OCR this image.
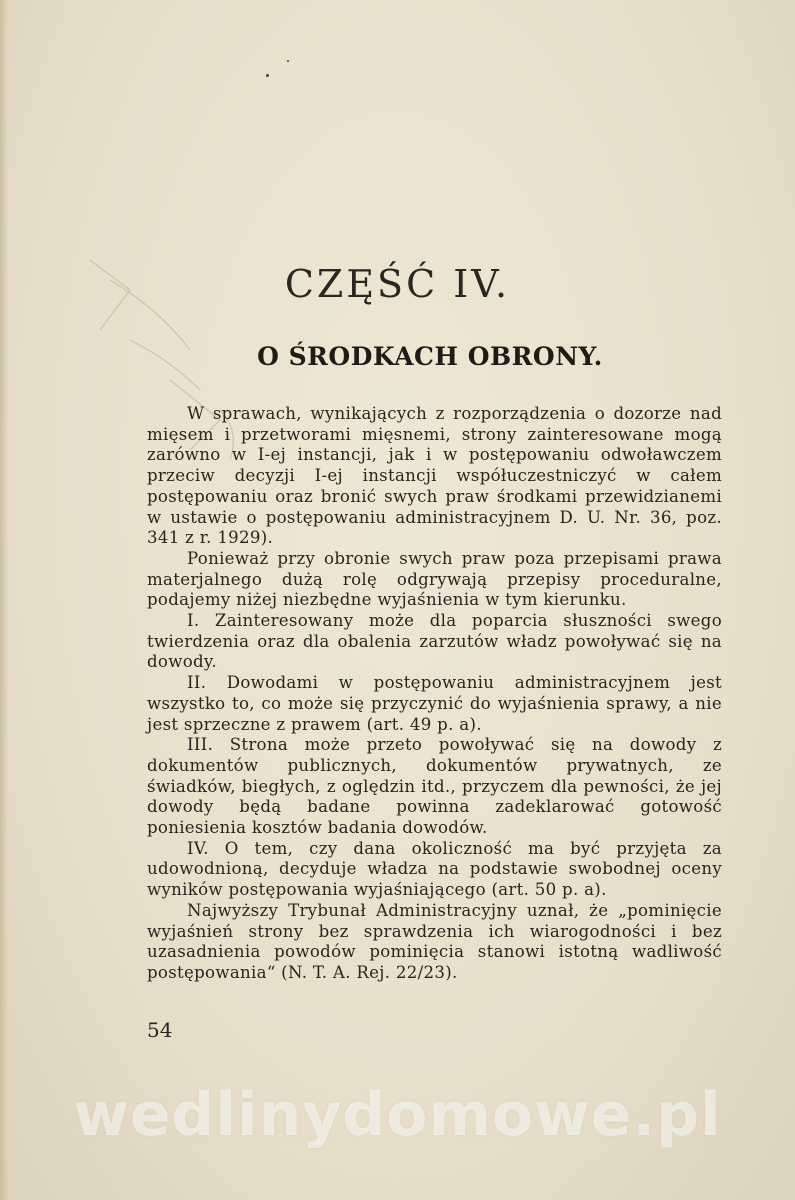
CZĘŚĆ IV.
O ŚRODKACH OBRONY.

W sprawach, wynikających z rozporządzenia o dozorze nad mięsem i przetworami mięsnemi, strony zainteresowane mogą zarówno w I-ej instancji, jak i w postępowaniu odwoławczem przeciw decyzji I-ej instancji współuczestniczyć w całem postępowaniu oraz bronić swych praw środkami przewidzianemi w ustawie o postępowaniu administracyjnem D. U. Nr. 36, poz. 341 z r. 1929).

Ponieważ przy obronie swych praw poza przepisami prawa materjalnego dużą rolę odgrywają przepisy proceduralne, podajemy niżej niezbędne wyjaśnienia w tym kierunku.

I. Zainteresowany może dla poparcia słuszności swego twierdzenia oraz dla obalenia zarzutów władz powoływać się na dowody.

II. Dowodami w postępowaniu administracyjnem jest wszystko to, co może się przyczynić do wyjaśnienia sprawy, a nie jest sprzeczne z prawem (art. 49 p. a).

III. Strona może przeto powoływać się na dowody z dokumentów publicznych, dokumentów prywatnych, ze świadków, biegłych, z oględzin itd., przyczem dla pewności, że jej dowody będą badane powinna zadeklarować gotowość poniesienia kosztów badania dowodów.

IV. O tem, czy dana okoliczność ma być przyjęta za udowodnioną, decyduje władza na podstawie swobodnej oceny wyników postępowania wyjaśniającego (art. 50 p. a).

Najwyższy Trybunał Administracyjny uznał, że „pominięcie wyjaśnień strony bez sprawdzenia ich wiarogodności i bez uzasadnienia powodów pominięcia stanowi istotną wadliwość postępowania“ (N. T. A. Rej. 22/23).

54
wedlinydomowe.pl
